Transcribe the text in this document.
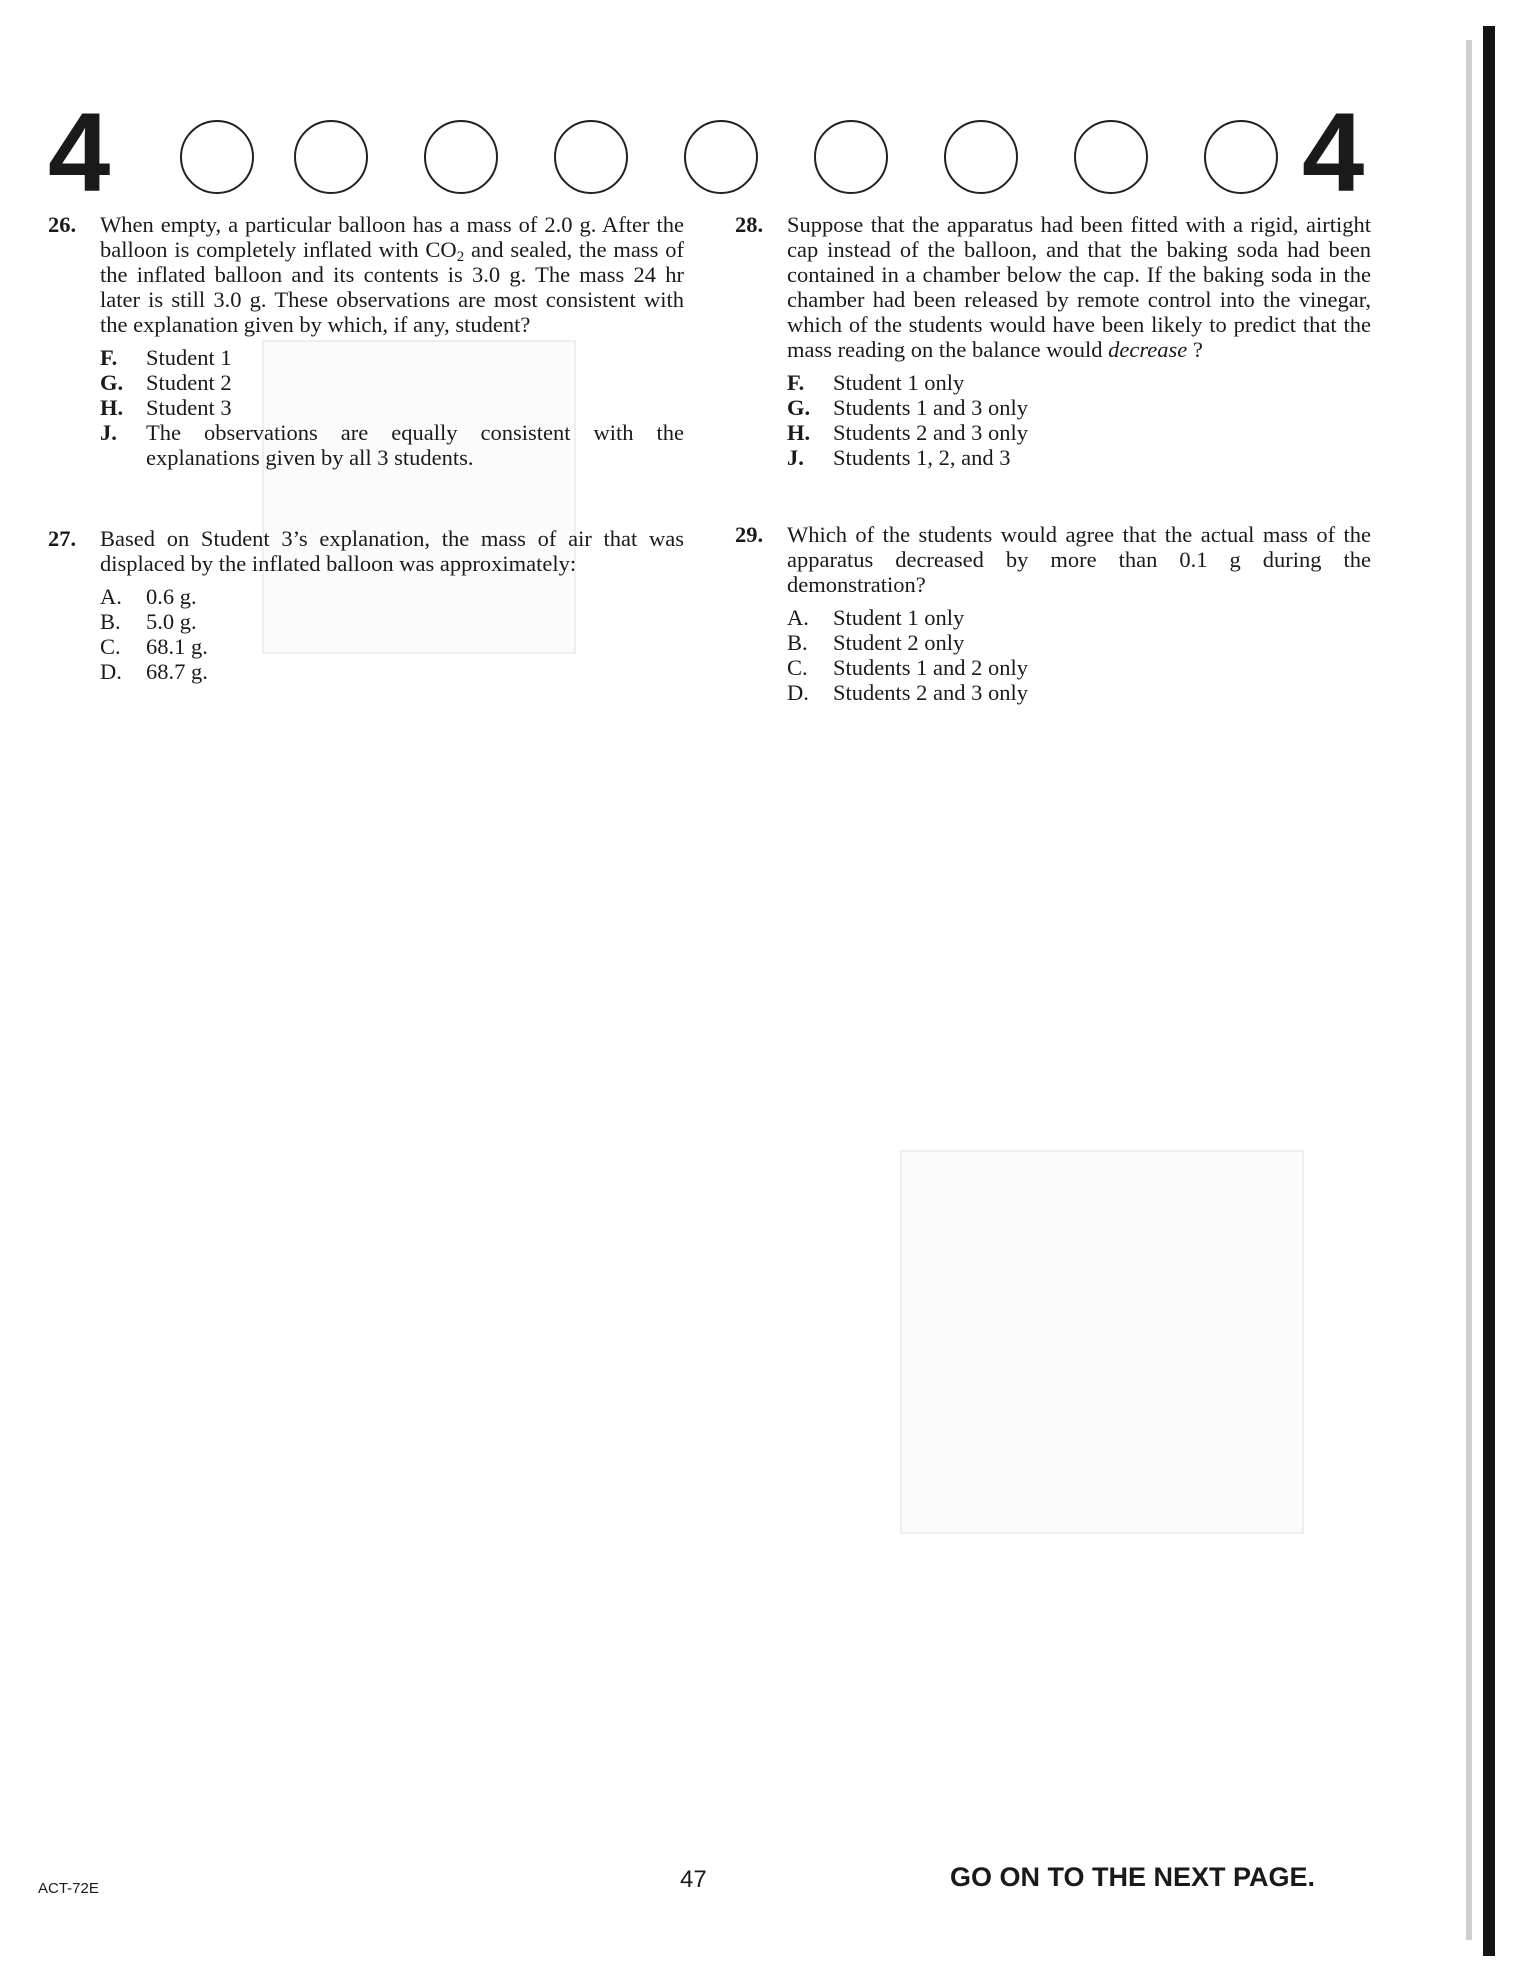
4	4
26. When empty, a particular balloon has a mass of 2.0 g. After the balloon is completely inflated with $CO_2$ and sealed, the mass of the inflated balloon and its contents is 3.0 g. The mass 24 hr later is still 3.0 g. These observations are most consistent with the explanation given by which, if any, student?
F.	Student 1
G.	Student 2
H.	Student 3
J.	The observations are equally consistent with the explanations given by all 3 students.
27. Based on Student 3’s explanation, the mass of air that was displaced by the inflated balloon was approximately:
A.	0.6 g.
B.	5.0 g.
C.	68.1 g.
D.	68.7 g.
28. Suppose that the apparatus had been fitted with a rigid, airtight cap instead of the balloon, and that the baking soda had been contained in a chamber below the cap. If the baking soda in the chamber had been released by remote control into the vinegar, which of the students would have been likely to predict that the mass reading on the balance would decrease ?
F.	Student 1 only
G.	Students 1 and 3 only
H.	Students 2 and 3 only
J.	Students 1, 2, and 3
29. Which of the students would agree that the actual mass of the apparatus decreased by more than 0.1 g during the demonstration?
A.	Student 1 only
B.	Student 2 only
C.	Students 1 and 2 only
D.	Students 2 and 3 only
ACT-72E	47	GO ON TO THE NEXT PAGE.
